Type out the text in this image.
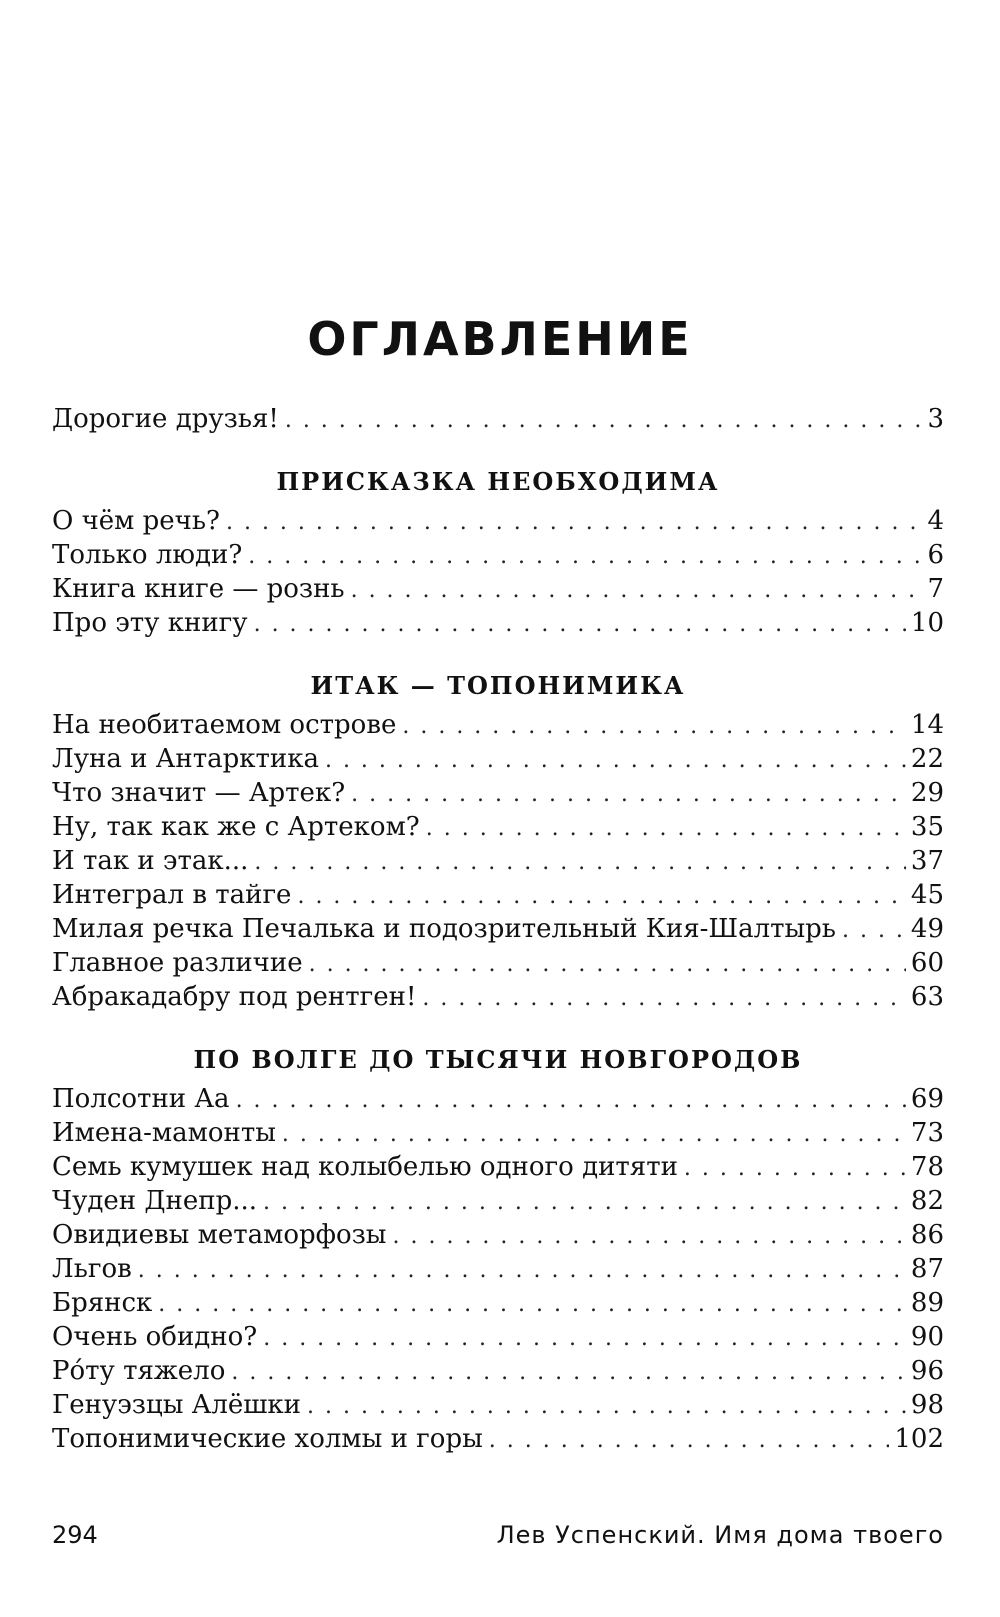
ОГЛАВЛЕНИЕ
Дорогие друзья! . . .	3
ПРИСКАЗКА НЕОБХОДИМА
О чём речь? . . .	4
Только люди? . . .	6
Книга книге — рознь . . .	7
Про эту книгу . . .	10
ИТАК — ТОПОНИМИКА
На необитаемом острове . . .	14
Луна и Антарктика . . .	22
Что значит — Артек? . . .	29
Ну, так как же с Артеком? . . .	35
И так и этак... . . .	37
Интеграл в тайге . . .	45
Милая речка Печалька и подозрительный Кия-Шалтырь . . .	49
Главное различие . . .	60
Абракадабру под рентген! . . .	63
ПО ВОЛГЕ ДО ТЫСЯЧИ НОВГОРОДОВ
Полсотни Аа . . .	69
Имена-мамонты . . .	73
Семь кумушек над колыбелью одного дитяти . . .	78
Чуден Днепр... . . .	82
Овидиевы метаморфозы . . .	86
Льгов . . .	87
Брянск . . .	89
Очень обидно? . . .	90
Ро́ту тяжело . . .	96
Генуэзцы Алёшки . . .	98
Топонимические холмы и горы . . .	102
294	Лев Успенский. Имя дома твоего
